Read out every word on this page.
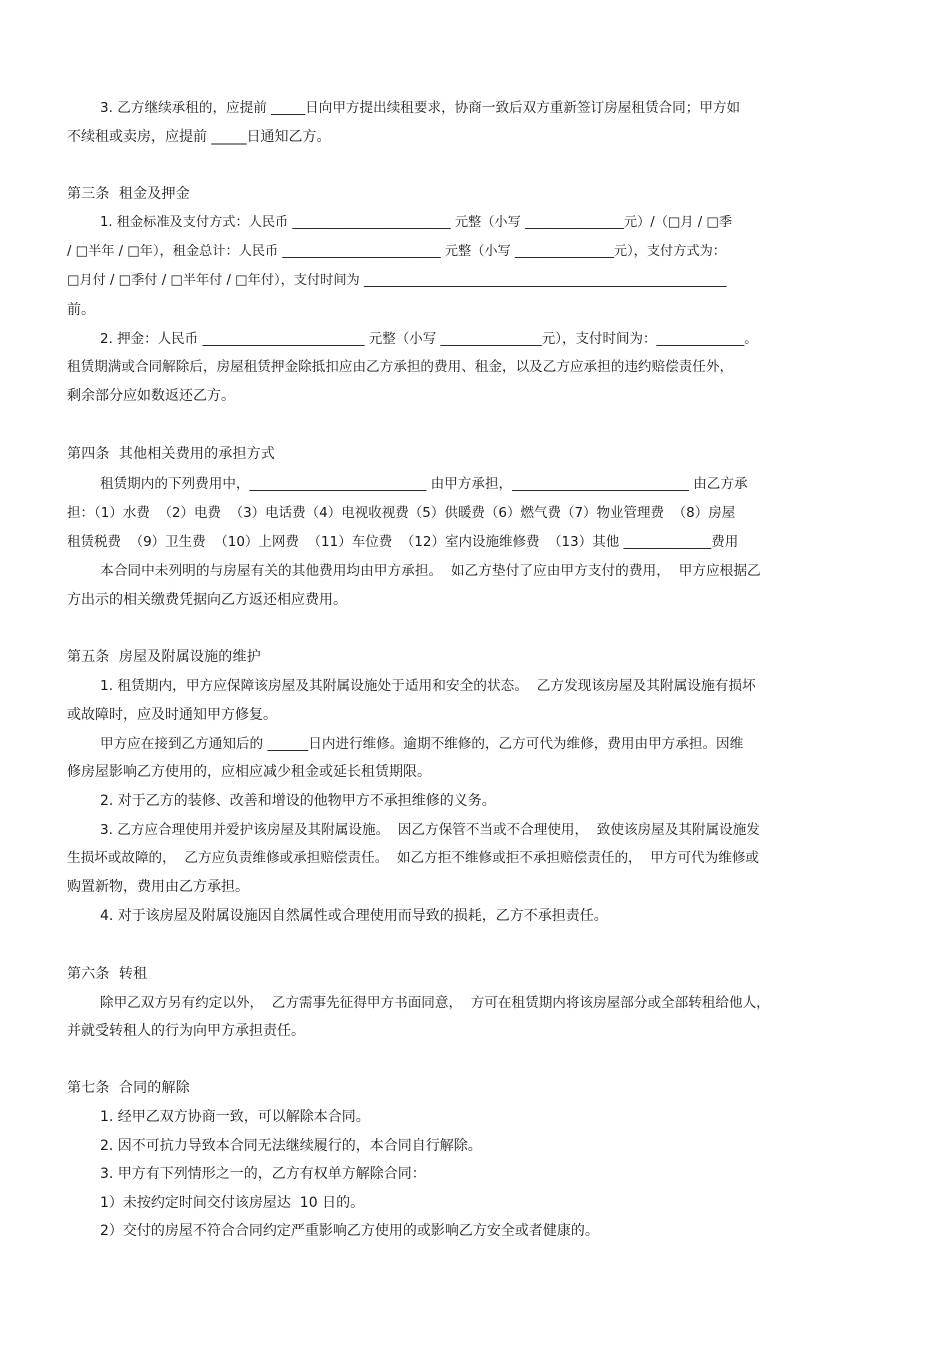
3. 乙方继续承租的，应提前 _____日向甲方提出续租要求，协商一致后双方重新签订房屋租赁合同；甲方如

不续租或卖房，应提前 _____日通知乙方。

第三条  租金及押金

1. 租金标准及支付方式：人民币 ________________________ 元整（小写 _______________元）/（□月 / □季

/ □半年 / □年），租金总计：人民币 ________________________ 元整（小写 _______________元），支付方式为：

□月付 / □季付 / □半年付 / □年付），支付时间为 _______________________________________________________

前。

2. 押金：人民币 ________________________ 元整（小写 _______________元），支付时间为：_____________。

租赁期满或合同解除后，房屋租赁押金除抵扣应由乙方承担的费用、租金，以及乙方应承担的违约赔偿责任外，

剩余部分应如数返还乙方。

第四条  其他相关费用的承担方式

租赁期内的下列费用中，__________________________ 由甲方承担，__________________________ 由乙方承

担：（1）水费  （2）电费  （3）电话费（4）电视收视费（5）供暖费（6）燃气费（7）物业管理费  （8）房屋

租赁税费  （9）卫生费  （10）上网费  （11）车位费  （12）室内设施维修费  （13）其他 _____________费用

本合同中未列明的与房屋有关的其他费用均由甲方承担。  如乙方垫付了应由甲方支付的费用，  甲方应根据乙

方出示的相关缴费凭据向乙方返还相应费用。

第五条  房屋及附属设施的维护

1. 租赁期内，甲方应保障该房屋及其附属设施处于适用和安全的状态。  乙方发现该房屋及其附属设施有损坏

或故障时，应及时通知甲方修复。

甲方应在接到乙方通知后的 ______日内进行维修。逾期不维修的，乙方可代为维修，费用由甲方承担。因维

修房屋影响乙方使用的，应相应减少租金或延长租赁期限。

2. 对于乙方的装修、改善和增设的他物甲方不承担维修的义务。

3. 乙方应合理使用并爱护该房屋及其附属设施。  因乙方保管不当或不合理使用，  致使该房屋及其附属设施发

生损坏或故障的，  乙方应负责维修或承担赔偿责任。  如乙方拒不维修或拒不承担赔偿责任的，  甲方可代为维修或

购置新物，费用由乙方承担。

4. 对于该房屋及附属设施因自然属性或合理使用而导致的损耗，乙方不承担责任。

第六条  转租

除甲乙双方另有约定以外，  乙方需事先征得甲方书面同意，  方可在租赁期内将该房屋部分或全部转租给他人，

并就受转租人的行为向甲方承担责任。

第七条  合同的解除

1. 经甲乙双方协商一致，可以解除本合同。

2. 因不可抗力导致本合同无法继续履行的，本合同自行解除。

3. 甲方有下列情形之一的，乙方有权单方解除合同：

1）未按约定时间交付该房屋达  10 日的。

2）交付的房屋不符合合同约定严重影响乙方使用的或影响乙方安全或者健康的。
